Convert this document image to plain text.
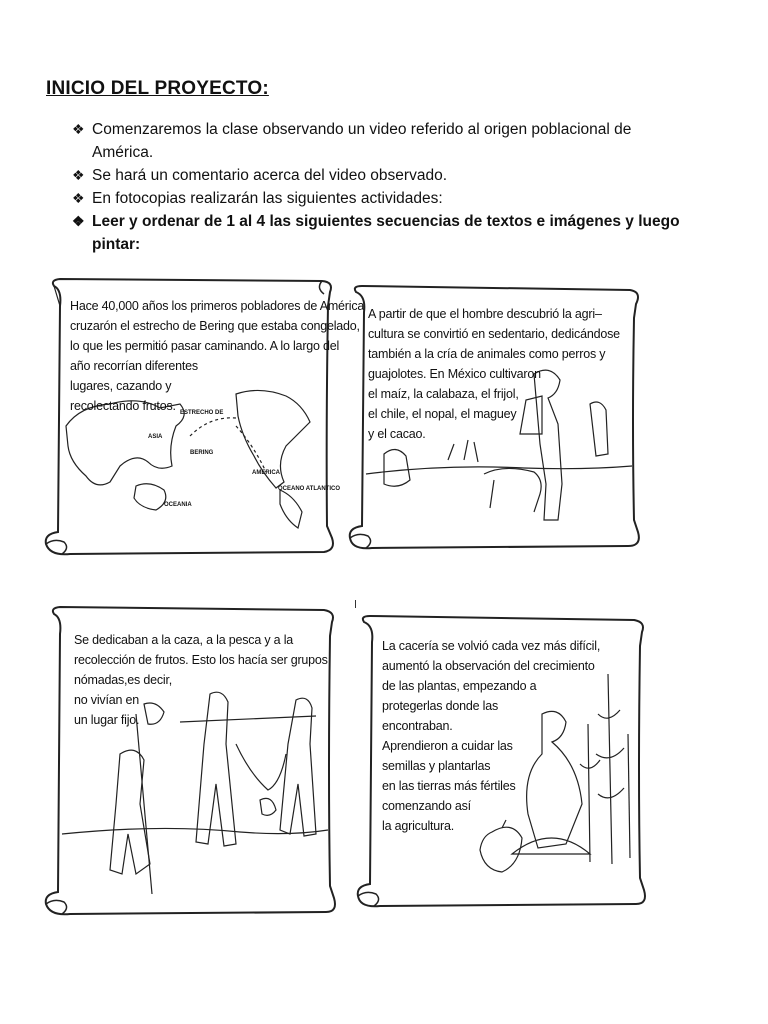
INICIO DEL PROYECTO:
❖ Comenzaremos la clase observando un video referido al origen poblacional de
América.
❖ Se hará un comentario acerca del video observado.
❖ En fotocopias realizarán las siguientes actividades:
❖ Leer y ordenar de 1 al 4 las siguientes secuencias de textos e imágenes y luego
pintar:
Hace 40,000 años los primeros pobladores de América
cruzarón el estrecho de Bering que estaba congelado,
lo que les permitió pasar caminando. A lo largo del
año recorrían diferentes
lugares, cazando y
recolectando frutos. ESTRECHO DE
BERING
ASIA
AMERICA
OCEANIA
OCEANO ATLANTICO
A partir de que el hombre descubrió la agri–
cultura se convirtió en sedentario, dedicándose
también a la cría de animales como perros y
guajolotes. En México cultivaron
el maíz, la calabaza, el frijol,
el chile, el nopal, el maguey
y el cacao.
Se dedicaban a la caza, a la pesca y a la
recolección de frutos. Esto los hacía ser grupos
nómadas,es decir,
no vivían en
un lugar fijo.
La cacería se volvió cada vez más difícil,
aumentó la observación del crecimiento
de las plantas, empezando a
protegerlas donde las
encontraban.
Aprendieron a cuidar las
semillas y plantarlas
en las tierras más fértiles
comenzando así
la agricultura.
